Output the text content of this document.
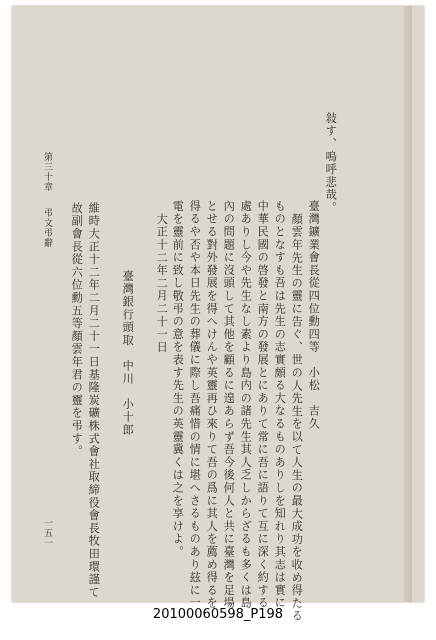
敍す、嗚呼悲哉。
臺灣鑛業會長從四位勳四等　小松　吉久
顏雲年先生の靈に告ぐ、世の人先生を以て人生の最大成功を收め得たる
ものとなすも吾は先生の志實頗る大なるものありしを知れり其志は實に
中華民國の啓發と南方の發展とにありて常に吾に語りて互に深く約する
處ありし今や先生なし素より島内の諸先生其人乏しからざるも多くは島
內の問題に沒頭して其他を顧るに遑あらず吾今後何人と共に臺灣を足場
とせる對外發展を得へけんや英靈再ひ來りて吾の爲に其人を薦め得るを
得るや否や本日先生の葬儀に際し吾痛惜の情に堪へさるものあり玆に一
電を靈前に致し敬弔の意を表す先生の英靈冀くは之を享けよ。
大正十二年二月二十一日
臺灣銀行頭取　中川　小十郎
維時大正十二年二月二十一日基隆炭礦株式會社取締役會長牧田環謹て
故副會長從六位勳五等顏雲年君の靈を弔す。
第三十章
弔文弔辭
一五一
20100060598_P198
